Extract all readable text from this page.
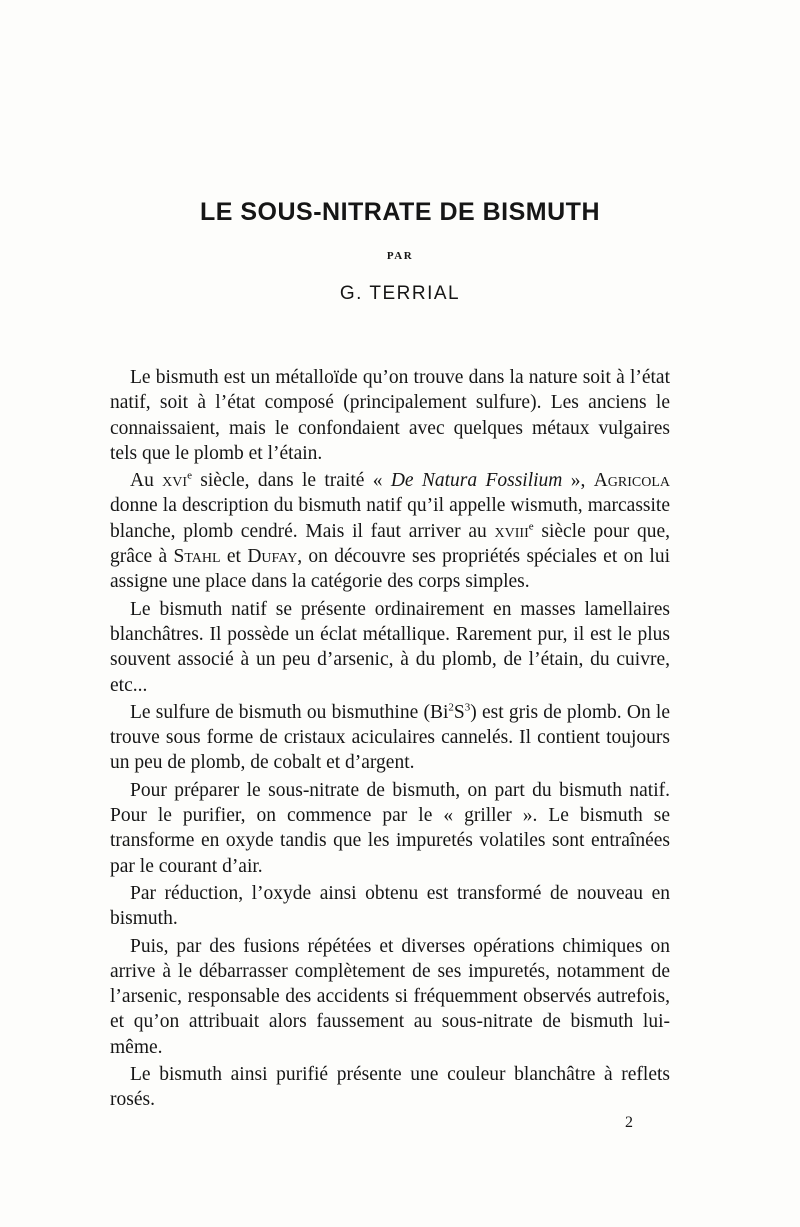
LE SOUS-NITRATE DE BISMUTH
PAR
G. TERRIAL

Le bismuth est un métalloïde qu’on trouve dans la nature soit à l’état natif, soit à l’état composé (principalement sulfure). Les anciens le connaissaient, mais le confondaient avec quelques métaux vulgaires tels que le plomb et l’étain.

Au xvi$^e$ siècle, dans le traité « De Natura Fossilium », Agricola donne la description du bismuth natif qu’il appelle wismuth, marcassite blanche, plomb cendré. Mais il faut arriver au xviii$^e$ siècle pour que, grâce à Stahl et Dufay, on découvre ses propriétés spéciales et on lui assigne une place dans la catégorie des corps simples.

Le bismuth natif se présente ordinairement en masses lamellaires blanchâtres. Il possède un éclat métallique. Rarement pur, il est le plus souvent associé à un peu d’arsenic, à du plomb, de l’étain, du cuivre, etc...

Le sulfure de bismuth ou bismuthine $(Bi^2S^3)$ est gris de plomb. On le trouve sous forme de cristaux aciculaires cannelés. Il contient toujours un peu de plomb, de cobalt et d’argent.

Pour préparer le sous-nitrate de bismuth, on part du bismuth natif. Pour le purifier, on commence par le « griller ». Le bismuth se transforme en oxyde tandis que les impuretés volatiles sont entraînées par le courant d’air.

Par réduction, l’oxyde ainsi obtenu est transformé de nouveau en bismuth.

Puis, par des fusions répétées et diverses opérations chimiques on arrive à le débarrasser complètement de ses impuretés, notamment de l’arsenic, responsable des accidents si fréquemment observés autrefois, et qu’on attribuait alors faussement au sous-nitrate de bismuth lui-même.

Le bismuth ainsi purifié présente une couleur blanchâtre à reflets rosés.

2
